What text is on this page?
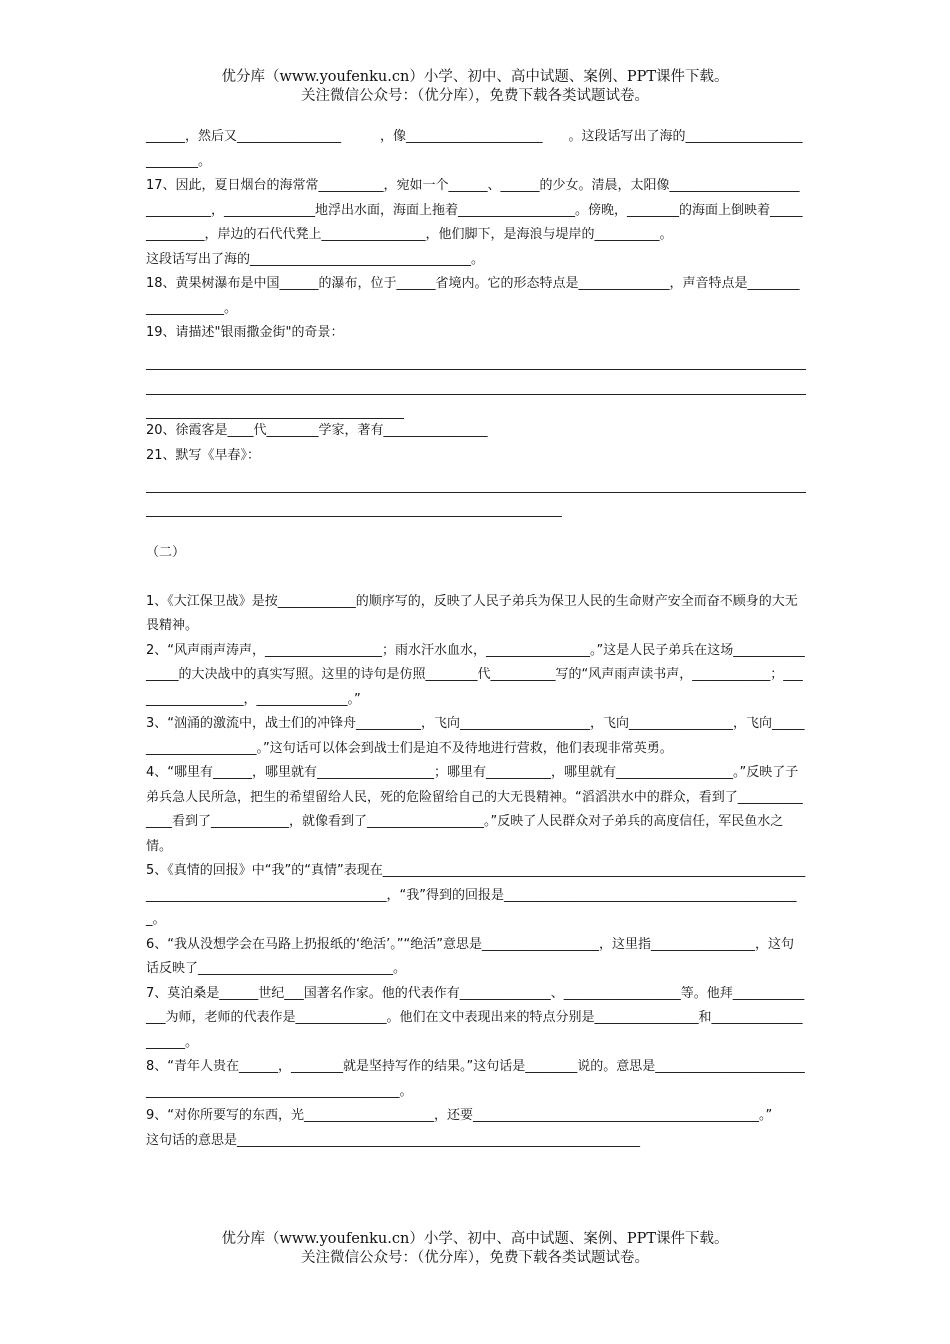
优分库（www.youfenku.cn）小学、初中、高中试题、案例、PPT课件下载。
关注微信公众号：（优分库），免费下载各类试题试卷。

______，然后又________________　　　，像_____________________　　。这段话写出了海的__________________________。

17、因此，夏日烟台的海常常__________，宛如一个______、______的少女。清晨，太阳像______________________________，______________地浮出水面，海面上拖着__________________。傍晚，________的海面上倒映着______________，岸边的石代代凳上________________，他们脚下，是海浪与堤岸的__________。

这段话写出了海的__________________________________。

18、黄果树瀑布是中国______的瀑布，位于______省境内。它的形态特点是______________，声音特点是____________________。

19、请描述"银雨撒金街"的奇景：

20、徐霞客是____代________学家，著有________________

21、默写《早春》：

（二）

1、《大江保卫战》是按____________的顺序写的，反映了人民子弟兵为保卫人民的生命财产安全而奋不顾身的大无畏精神。

2、“风声雨声涛声，__________________；雨水汗水血水，________________。”这是人民子弟兵在这场________________的大决战中的真实写照。这里的诗句是仿照________代__________写的“风声雨声读书声，____________；__________________，______________。”

3、“汹涌的激流中，战士们的冲锋舟__________，飞向____________________，飞向________________，飞向______________________。”这句话可以体会到战士们是迫不及待地进行营救，他们表现非常英勇。

4、“哪里有______，哪里就有__________________；哪里有__________，哪里就有__________________。”反映了子弟兵急人民所急，把生的希望留给人民，死的危险留给自己的大无畏精神。“滔滔洪水中的群众，看到了______________看到了____________，就像看到了__________________。”反映了人民群众对子弟兵的高度信任，军民鱼水之情。

5、《真情的回报》中“我”的“真情”表现在______________________________________________________________________________________________________，“我”得到的回报是______________________________________________。

6、“我从没想学会在马路上扔报纸的‘绝活’。”“绝活”意思是__________________，这里指________________，这句话反映了______________________________。

7、莫泊桑是______世纪___国著名作家。他的代表作有______________、__________________等。他拜______________为师，老师的代表作是______________。他们在文中表现出来的特点分别是________________和____________________。

8、“青年人贵在______，________就是坚持写作的结果。”这句话是________说的。意思是______________________________________________________________。

9、“对你所要写的东西，光____________________，还要____________________________________________。”

这句话的意思是______________________________________________________________

优分库（www.youfenku.cn）小学、初中、高中试题、案例、PPT课件下载。
关注微信公众号：（优分库），免费下载各类试题试卷。
